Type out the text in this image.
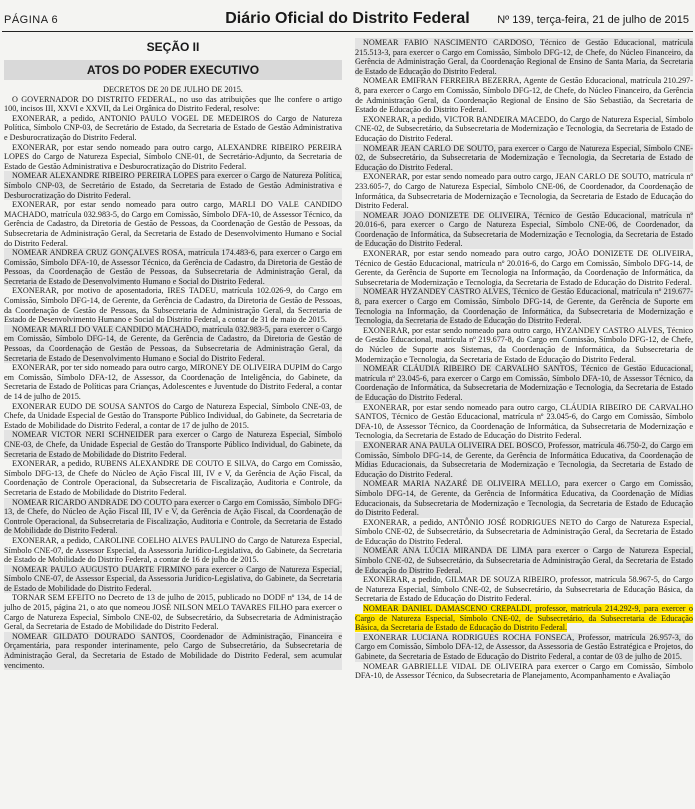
PÁGINA 6	Diário Oficial do Distrito Federal	Nº 139, terça-feira, 21 de julho de 2015
SEÇÃO II
ATOS DO PODER EXECUTIVO

DECRETOS DE 20 DE JULHO DE 2015.

O GOVERNADOR DO DISTRITO FEDERAL, no uso das atribuições que lhe confere o artigo 100, incisos III, XXVI e XXVII, da Lei Orgânica do Distrito Federal, resolve:

EXONERAR, a pedido, ANTONIO PAULO VOGEL DE MEDEIROS do Cargo de Natureza Política, Símbolo CNP-03, de Secretário de Estado, da Secretaria de Estado de Gestão Administrativa e Desburocratização do Distrito Federal.

EXONERAR, por estar sendo nomeado para outro cargo, ALEXANDRE RIBEIRO PEREIRA LOPES do Cargo de Natureza Especial, Símbolo CNE-01, de Secretário-Adjunto, da Secretaria de Estado de Gestão Administrativa e Desburocratização do Distrito Federal.

NOMEAR ALEXANDRE RIBEIRO PEREIRA LOPES para exercer o Cargo de Natureza Política, Símbolo CNP-03, de Secretário de Estado, da Secretaria de Estado de Gestão Administrativa e Desburocratização do Distrito Federal.

EXONERAR, por estar sendo nomeado para outro cargo, MARLI DO VALE CANDIDO MACHADO, matrícula 032.983-5, do Cargo em Comissão, Símbolo DFA-10, de Assessor Técnico, da Gerência de Cadastro, da Diretoria de Gestão de Pessoas, da Coordenação de Gestão de Pessoas, da Subsecretaria de Administração Geral, da Secretaria de Estado de Desenvolvimento Humano e Social do Distrito Federal.

NOMEAR ANDREA CRUZ GONÇALVES ROSA, matrícula 174.483-6, para exercer o Cargo em Comissão, Símbolo DFA-10, de Assessor Técnico, da Gerência de Cadastro, da Diretoria de Gestão de Pessoas, da Coordenação de Gestão de Pessoas, da Subsecretaria de Administração Geral, da Secretaria de Estado de Desenvolvimento Humano e Social do Distrito Federal.

EXONERAR, por motivo de aposentadoria, IRES TADEU, matrícula 102.026-9, do Cargo em Comissão, Símbolo DFG-14, de Gerente, da Gerência de Cadastro, da Diretoria de Gestão de Pessoas, da Coordenação de Gestão de Pessoas, da Subsecretaria de Administração Geral, da Secretaria de Estado de Desenvolvimento Humano e Social do Distrito Federal, a contar de 31 de maio de 2015.

NOMEAR MARLI DO VALE CANDIDO MACHADO, matrícula 032.983-5, para exercer o Cargo em Comissão, Símbolo DFG-14, de Gerente, da Gerência de Cadastro, da Diretoria de Gestão de Pessoas, da Coordenação de Gestão de Pessoas, da Subsecretaria de Administração Geral, da Secretaria de Estado de Desenvolvimento Humano e Social do Distrito Federal.

EXONERAR, por ter sido nomeado para outro cargo, MIRONEY DE OLIVEIRA DUPIM do Cargo em Comissão, Símbolo DFA-12, de Assessor, da Coordenação de Inteligência, do Gabinete, da Secretaria de Estado de Políticas para Crianças, Adolescentes e Juventude do Distrito Federal, a contar de 14 de julho de 2015.

EXONERAR EUDO DE SOUSA SANTOS do Cargo de Natureza Especial, Símbolo CNE-03, de Chefe, da Unidade Especial de Gestão do Transporte Público Individual, do Gabinete, da Secretaria de Estado de Mobilidade do Distrito Federal, a contar de 17 de julho de 2015.

NOMEAR VICTOR NERI SCHNEIDER para exercer o Cargo de Natureza Especial, Símbolo CNE-03, de Chefe, da Unidade Especial de Gestão do Transporte Público Individual, do Gabinete, da Secretaria de Estado de Mobilidade do Distrito Federal.

EXONERAR, a pedido, RUBENS ALEXANDRE DE COUTO E SILVA, do Cargo em Comissão, Símbolo DFG-13, de Chefe do Núcleo de Ação Fiscal III, IV e V, da Gerência de Ação Fiscal, da Coordenação de Controle Operacional, da Subsecretaria de Fiscalização, Auditoria e Controle, da Secretaria de Estado de Mobilidade do Distrito Federal.

NOMEAR RICARDO ANDRADE DO COUTO para exercer o Cargo em Comissão, Símbolo DFG-13, de Chefe, do Núcleo de Ação Fiscal III, IV e V, da Gerência de Ação Fiscal, da Coordenação de Controle Operacional, da Subsecretaria de Fiscalização, Auditoria e Controle, da Secretaria de Estado de Mobilidade do Distrito Federal.

EXONERAR, a pedido, CAROLINE COELHO ALVES PAULINO do Cargo de Natureza Especial, Símbolo CNE-07, de Assessor Especial, da Assessoria Jurídico-Legislativa, do Gabinete, da Secretaria de Estado de Mobilidade do Distrito Federal, a contar de 16 de julho de 2015.

NOMEAR PAULO AUGUSTO DUARTE FIRMINO para exercer o Cargo de Natureza Especial, Símbolo CNE-07, de Assessor Especial, da Assessoria Jurídico-Legislativa, do Gabinete, da Secretaria de Estado de Mobilidade do Distrito Federal.

TORNAR SEM EFEITO no Decreto de 13 de julho de 2015, publicado no DODF nº 134, de 14 de julho de 2015, página 21, o ato que nomeou JOSÉ NILSON MELO TAVARES FILHO para exercer o Cargo de Natureza Especial, Símbolo CNE-02, de Subsecretário, da Subsecretaria de Administração Geral, da Secretaria de Estado de Mobilidade do Distrito Federal.

NOMEAR GILDATO DOURADO SANTOS, Coordenador de Administração, Financeira e Orçamentária, para responder interinamente, pelo Cargo de Subsecretário, da Subsecretaria de Administração Geral, da Secretaria de Estado de Mobilidade do Distrito Federal, sem acumular vencimento.

NOMEAR FABIO NASCIMENTO CARDOSO, Técnico de Gestão Educacional, matrícula 215.513-3, para exercer o Cargo em Comissão, Símbolo DFG-12, de Chefe, do Núcleo Financeiro, da Gerência de Administração Geral, da Coordenação Regional de Ensino de Santa Maria, da Secretaria de Estado de Educação do Distrito Federal.

NOMEAR EMIFRAN FERREIRA BEZERRA, Agente de Gestão Educacional, matrícula 210.297-8, para exercer o Cargo em Comissão, Símbolo DFG-12, de Chefe, do Núcleo Financeiro, da Gerência de Administração Geral, da Coordenação Regional de Ensino de São Sebastião, da Secretaria de Estado de Educação do Distrito Federal.

EXONERAR, a pedido, VICTOR BANDEIRA MACEDO, do Cargo de Natureza Especial, Símbolo CNE-02, de Subsecretário, da Subsecretaria de Modernização e Tecnologia, da Secretaria de Estado de Educação do Distrito Federal.

NOMEAR JEAN CARLO DE SOUTO, para exercer o Cargo de Natureza Especial, Símbolo CNE-02, de Subsecretário, da Subsecretaria de Modernização e Tecnologia, da Secretaria de Estado de Educação do Distrito Federal.

EXONERAR, por estar sendo nomeado para outro cargo, JEAN CARLO DE SOUTO, matrícula nº 233.605-7, do Cargo de Natureza Especial, Símbolo CNE-06, de Coordenador, da Coordenação de Informática, da Subsecretaria de Modernização e Tecnologia, da Secretaria de Estado de Educação do Distrito Federal.

NOMEAR JOAO DONIZETE DE OLIVEIRA, Técnico de Gestão Educacional, matrícula nº 20.016-6, para exercer o Cargo de Natureza Especial, Símbolo CNE-06, de Coordenador, da Coordenação de Informática, da Subsecretaria de Modernização e Tecnologia, da Secretaria de Estado de Educação do Distrito Federal.

EXONERAR, por estar sendo nomeado para outro cargo, JOÃO DONIZETE DE OLIVEIRA, Técnico de Gestão Educacional, matrícula nº 20.016-6, do Cargo em Comissão, Símbolo DFG-14, de Gerente, da Gerência de Suporte em Tecnologia na Informação, da Coordenação de Informática, da Subsecretaria de Modernização e Tecnologia, da Secretaria de Estado de Educação do Distrito Federal.

NOMEAR HYZANDEY CASTRO ALVES, Técnico de Gestão Educacional, matrícula nº 219.677-8, para exercer o Cargo em Comissão, Símbolo DFG-14, de Gerente, da Gerência de Suporte em Tecnologia na Informação, da Coordenação de Informática, da Subsecretaria de Modernização e Tecnologia, da Secretaria de Estado de Educação do Distrito Federal.

EXONERAR, por estar sendo nomeado para outro cargo, HYZANDEY CASTRO ALVES, Técnico de Gestão Educacional, matrícula nº 219.677-8, do Cargo em Comissão, Símbolo DFG-12, de Chefe, do Núcleo de Suporte aos Sistemas, da Coordenação de Informática, da Subsecretaria de Modernização e Tecnologia, da Secretaria de Estado de Educação do Distrito Federal.

NOMEAR CLÁUDIA RIBEIRO DE CARVALHO SANTOS, Técnico de Gestão Educacional, matrícula nº 23.045-6, para exercer o Cargo em Comissão, Símbolo DFA-10, de Assessor Técnico, da Coordenação de Informática, da Subsecretaria de Modernização e Tecnologia, da Secretaria de Estado de Educação do Distrito Federal.

EXONERAR, por estar sendo nomeado para outro cargo, CLÁUDIA RIBEIRO DE CARVALHO SANTOS, Técnico de Gestão Educacional, matrícula nº 23.045-6, do Cargo em Comissão, Símbolo DFA-10, de Assessor Técnico, da Coordenação de Informática, da Subsecretaria de Modernização e Tecnologia, da Secretaria de Estado de Educação do Distrito Federal.

EXONERAR ANA PAULA OLIVEIRA DEL BOSCO, Professor, matrícula 46.750-2, do Cargo em Comissão, Símbolo DFG-14, de Gerente, da Gerência de Informática Educativa, da Coordenação de Mídias Educacionais, da Subsecretaria de Modernização e Tecnologia, da Secretaria de Estado de Educação do Distrito Federal.

NOMEAR MARIA NAZARÉ DE OLIVEIRA MELLO, para exercer o Cargo em Comissão, Símbolo DFG-14, de Gerente, da Gerência de Informática Educativa, da Coordenação de Mídias Educacionais, da Subsecretaria de Modernização e Tecnologia, da Secretaria de Estado de Educação do Distrito Federal.

EXONERAR, a pedido, ANTÔNIO JOSÉ RODRIGUES NETO do Cargo de Natureza Especial, Símbolo CNE-02, de Subsecretário, da Subsecretaria de Administração Geral, da Secretaria de Estado de Educação do Distrito Federal.

NOMEAR ANA LÚCIA MIRANDA DE LIMA para exercer o Cargo de Natureza Especial, Símbolo CNE-02, de Subsecretário, da Subsecretaria de Administração Geral, da Secretaria de Estado de Educação do Distrito Federal.

EXONERAR, a pedido, GILMAR DE SOUZA RIBEIRO, professor, matrícula 58.967-5, do Cargo de Natureza Especial, Símbolo CNE-02, de Subsecretário, da Subsecretaria de Educação Básica, da Secretaria de Estado de Educação do Distrito Federal.

NOMEAR DANIEL DAMASCENO CREPALDI, professor, matrícula 214.292-9, para exercer o Cargo de Natureza Especial, Símbolo CNE-02, de Subsecretário, da Subsecretaria de Educação Básica, da Secretaria de Estado de Educação do Distrito Federal.

EXONERAR LUCIANA RODRIGUES ROCHA FONSECA, Professor, matrícula 26.957-3, do Cargo em Comissão, Símbolo DFA-12, de Assessor, da Assessoria de Gestão Estratégica e Projetos, do Gabinete, da Secretaria de Estado de Educação do Distrito Federal, a contar de 03 de julho de 2015.

NOMEAR GABRIELLE VIDAL DE OLIVEIRA para exercer o Cargo em Comissão, Símbolo DFA-10, de Assessor Técnico, da Subsecretaria de Planejamento, Acompanhamento e Avaliação
